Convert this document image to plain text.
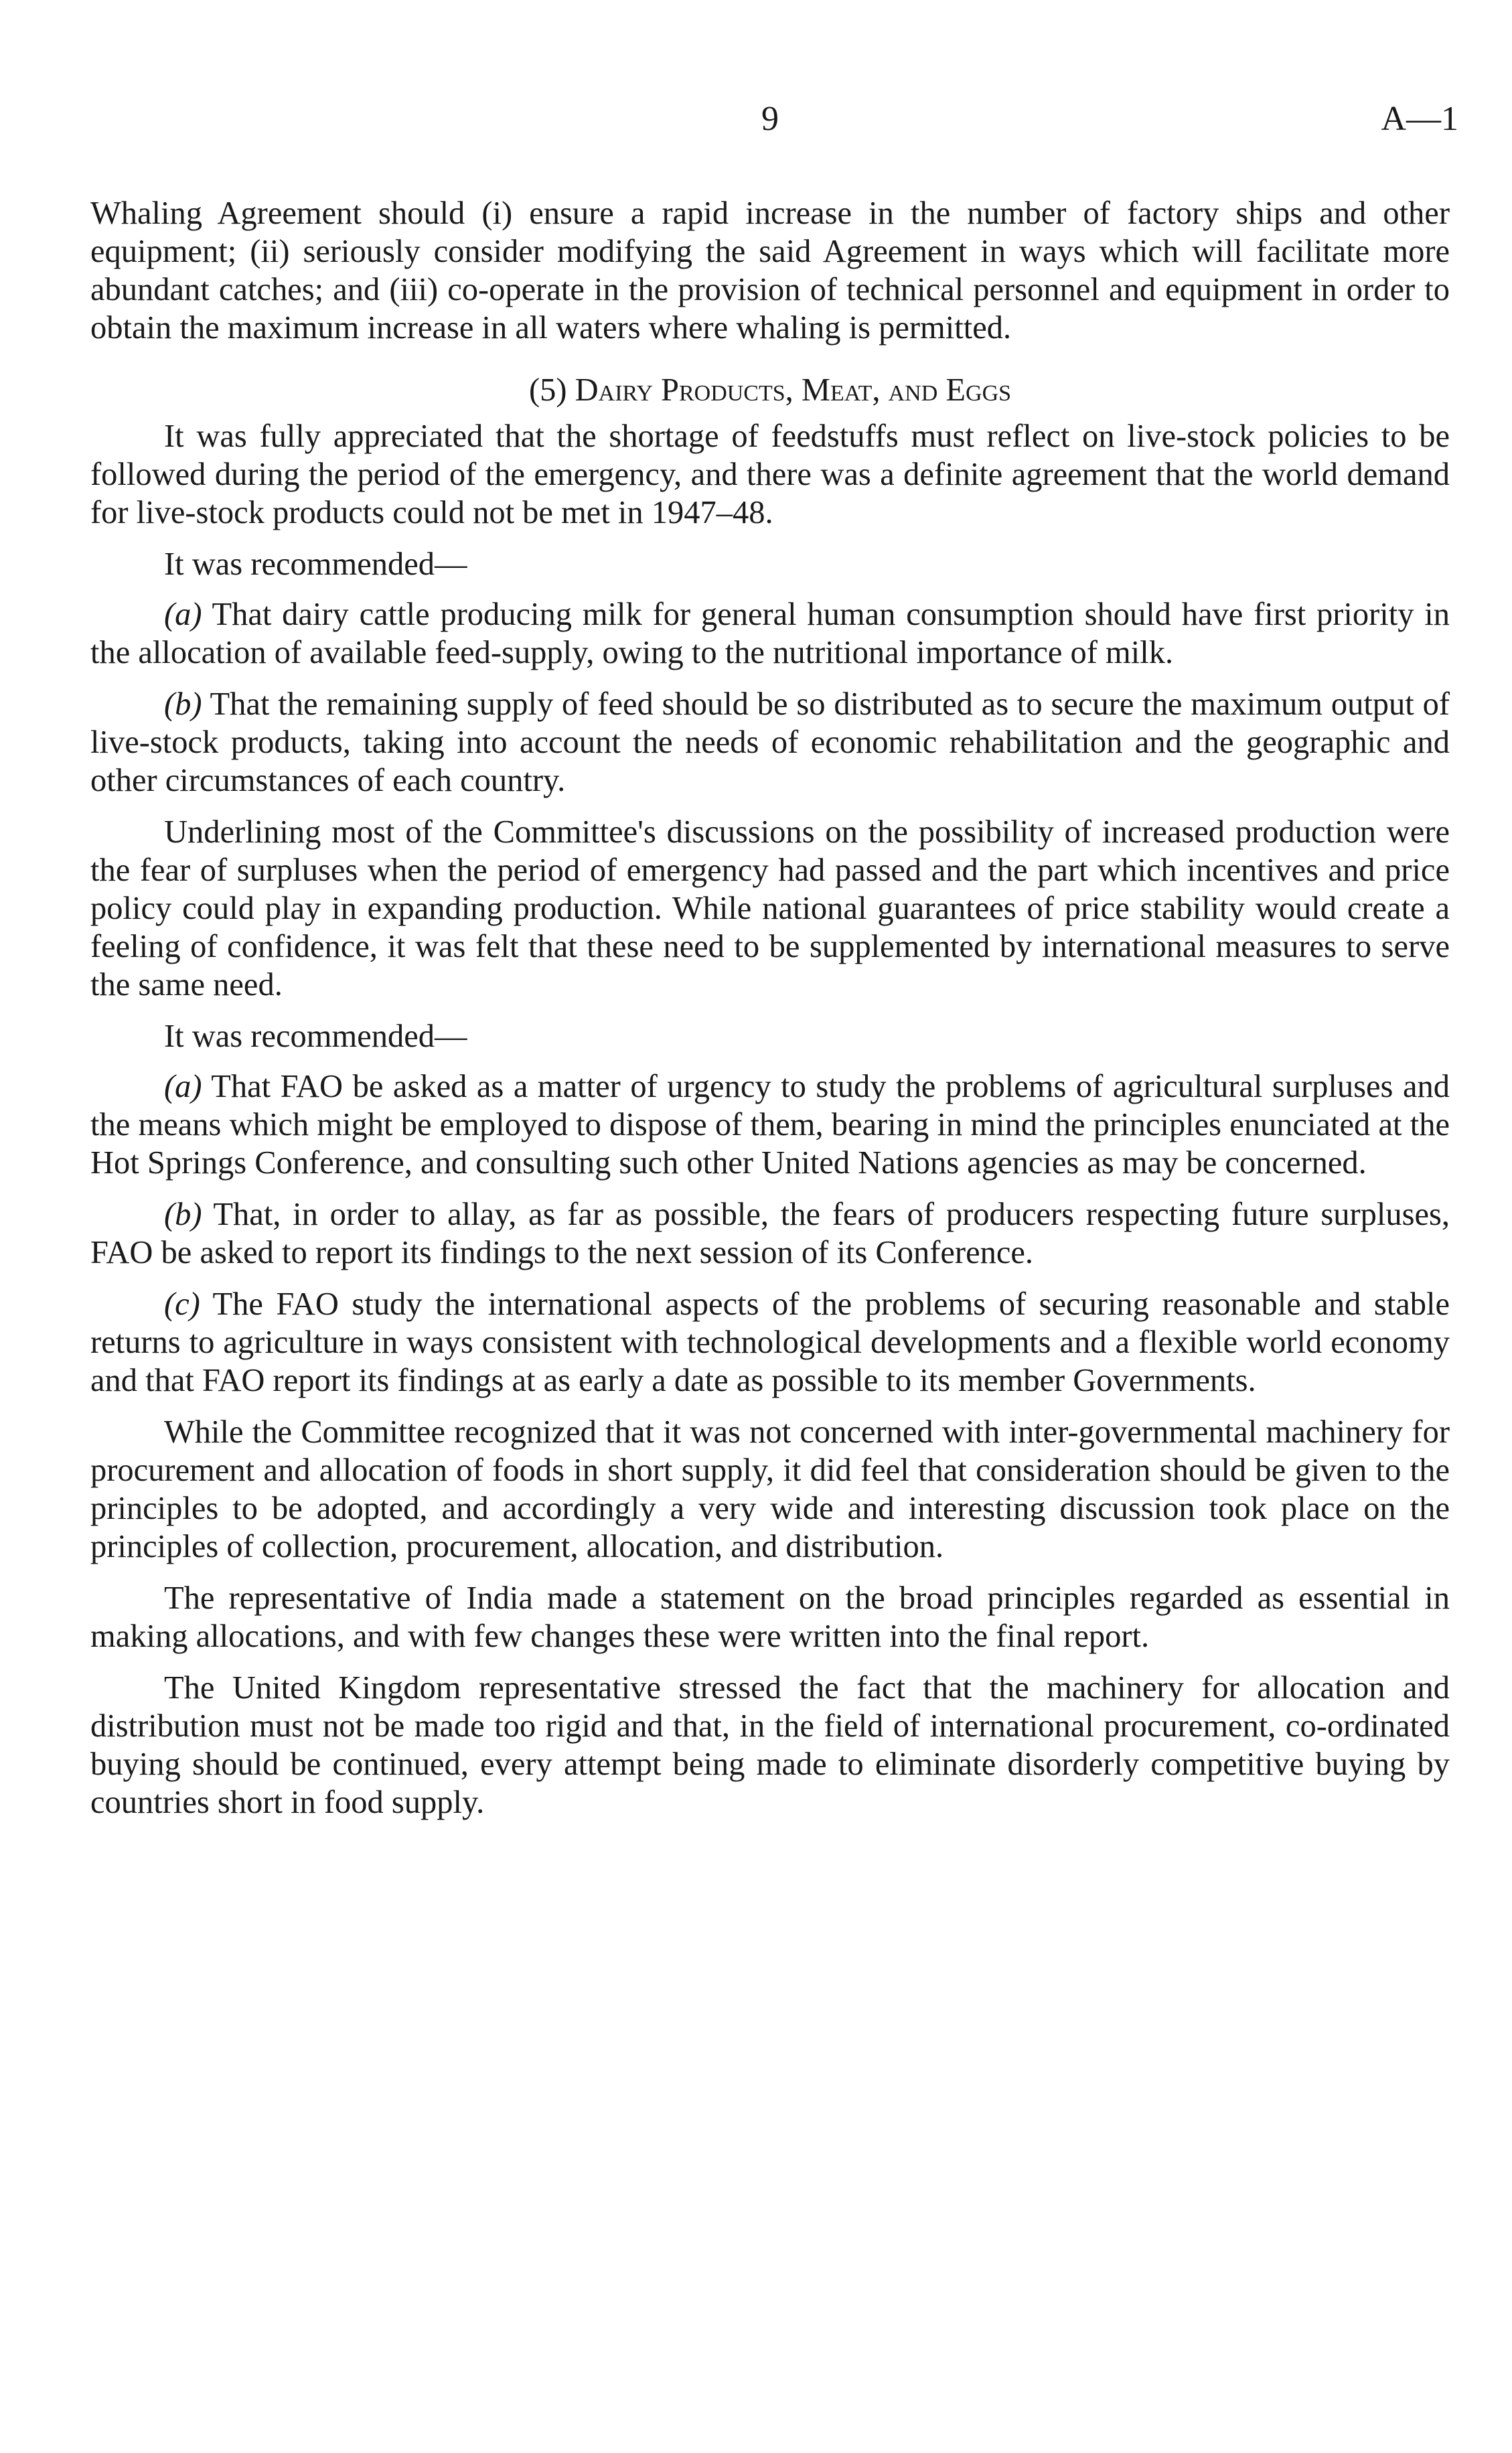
9	A—1

Whaling Agreement should (i) ensure a rapid increase in the number of factory ships and other equipment; (ii) seriously consider modifying the said Agreement in ways which will facilitate more abundant catches; and (iii) co-operate in the provision of technical personnel and equipment in order to obtain the maximum increase in all waters where whaling is permitted.

(5) Dairy Products, Meat, and Eggs

It was fully appreciated that the shortage of feedstuffs must reflect on live-stock policies to be followed during the period of the emergency, and there was a definite agreement that the world demand for live-stock products could not be met in 1947–48.

It was recommended—

(a) That dairy cattle producing milk for general human consumption should have first priority in the allocation of available feed-supply, owing to the nutritional importance of milk.

(b) That the remaining supply of feed should be so distributed as to secure the maximum output of live-stock products, taking into account the needs of economic rehabilitation and the geographic and other circumstances of each country.

Underlining most of the Committee's discussions on the possibility of increased production were the fear of surpluses when the period of emergency had passed and the part which incentives and price policy could play in expanding production. While national guarantees of price stability would create a feeling of confidence, it was felt that these need to be supplemented by international measures to serve the same need.

It was recommended—

(a) That FAO be asked as a matter of urgency to study the problems of agricultural surpluses and the means which might be employed to dispose of them, bearing in mind the principles enunciated at the Hot Springs Conference, and consulting such other United Nations agencies as may be concerned.

(b) That, in order to allay, as far as possible, the fears of producers respecting future surpluses, FAO be asked to report its findings to the next session of its Conference.

(c) The FAO study the international aspects of the problems of securing reasonable and stable returns to agriculture in ways consistent with technological developments and a flexible world economy and that FAO report its findings at as early a date as possible to its member Governments.

While the Committee recognized that it was not concerned with inter-governmental machinery for procurement and allocation of foods in short supply, it did feel that consideration should be given to the principles to be adopted, and accordingly a very wide and interesting discussion took place on the principles of collection, procurement, allocation, and distribution.

The representative of India made a statement on the broad principles regarded as essential in making allocations, and with few changes these were written into the final report.

The United Kingdom representative stressed the fact that the machinery for allocation and distribution must not be made too rigid and that, in the field of international procurement, co-ordinated buying should be continued, every attempt being made to eliminate disorderly competitive buying by countries short in food supply.
